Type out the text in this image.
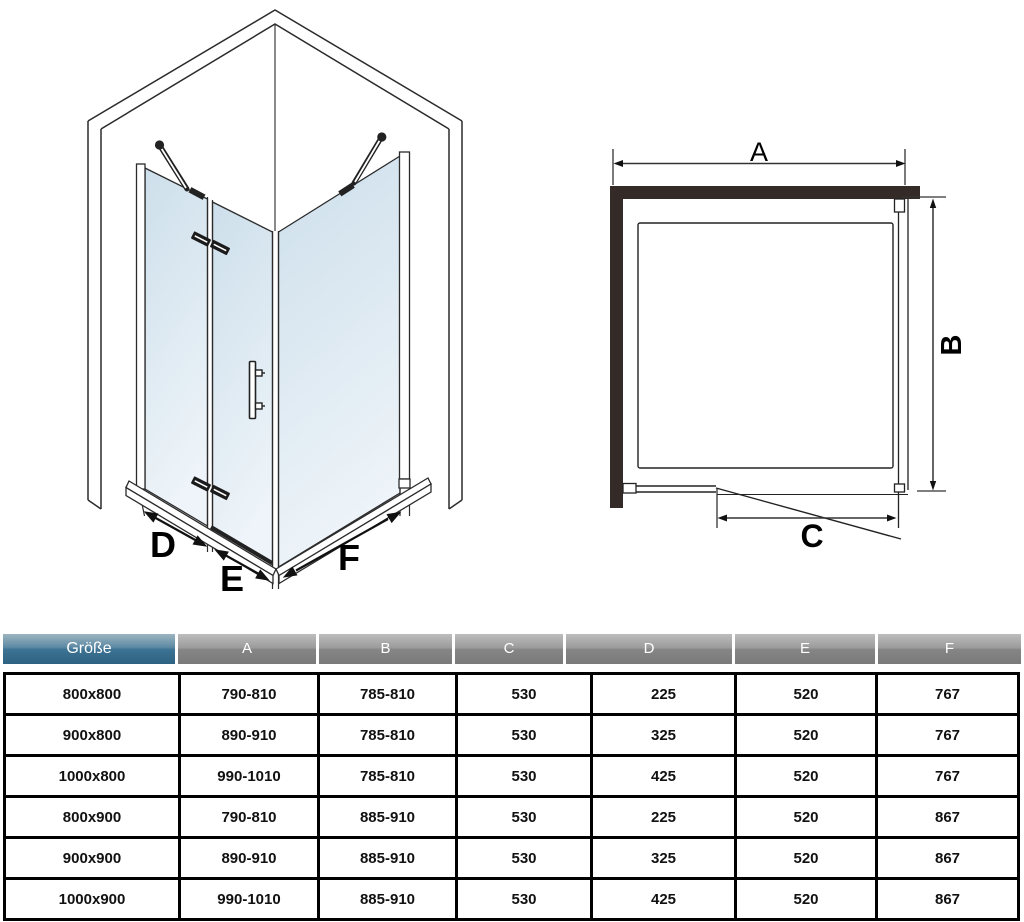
D
E
F
A
B
C
Größe	A	B	C	D	E	F
800x800	790-810	785-810	530	225	520	767
900x800	890-910	785-810	530	325	520	767
1000x800	990-1010	785-810	530	425	520	767
800x900	790-810	885-910	530	225	520	867
900x900	890-910	885-910	530	325	520	867
1000x900	990-1010	885-910	530	425	520	867
